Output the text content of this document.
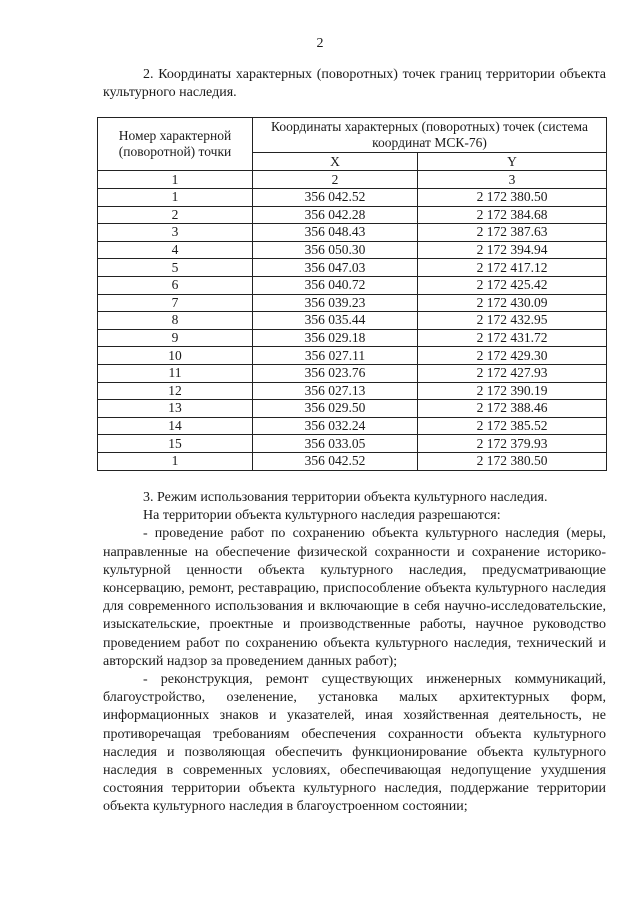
2
2. Координаты характерных (поворотных) точек границ территории объекта культурного наследия.
Номер характерной (поворотной) точки	Координаты характерных (поворотных) точек (система координат МСК-76)	
	X	Y
1	2	3
1	356 042.52	2 172 380.50
2	356 042.28	2 172 384.68
3	356 048.43	2 172 387.63
4	356 050.30	2 172 394.94
5	356 047.03	2 172 417.12
6	356 040.72	2 172 425.42
7	356 039.23	2 172 430.09
8	356 035.44	2 172 432.95
9	356 029.18	2 172 431.72
10	356 027.11	2 172 429.30
11	356 023.76	2 172 427.93
12	356 027.13	2 172 390.19
13	356 029.50	2 172 388.46
14	356 032.24	2 172 385.52
15	356 033.05	2 172 379.93
1	356 042.52	2 172 380.50

3. Режим использования территории объекта культурного наследия.

На территории объекта культурного наследия разрешаются:

- проведение работ по сохранению объекта культурного наследия (меры, направленные на обеспечение физической сохранности и сохранение историко-культурной ценности объекта культурного наследия, предусматривающие консервацию, ремонт, реставрацию, приспособление объекта культурного наследия для современного использования и включающие в себя научно-исследовательские, изыскательские, проектные и производственные работы, научное руководство проведением работ по сохранению объекта культурного наследия, технический и авторский надзор за проведением данных работ);

- реконструкция, ремонт существующих инженерных коммуникаций, благоустройство, озеленение, установка малых архитектурных форм, информационных знаков и указателей, иная хозяйственная деятельность, не противоречащая требованиям обеспечения сохранности объекта культурного наследия и позволяющая обеспечить функционирование объекта культурного наследия в современных условиях, обеспечивающая недопущение ухудшения состояния территории объекта культурного наследия, поддержание территории объекта культурного наследия в благоустроенном состоянии;
